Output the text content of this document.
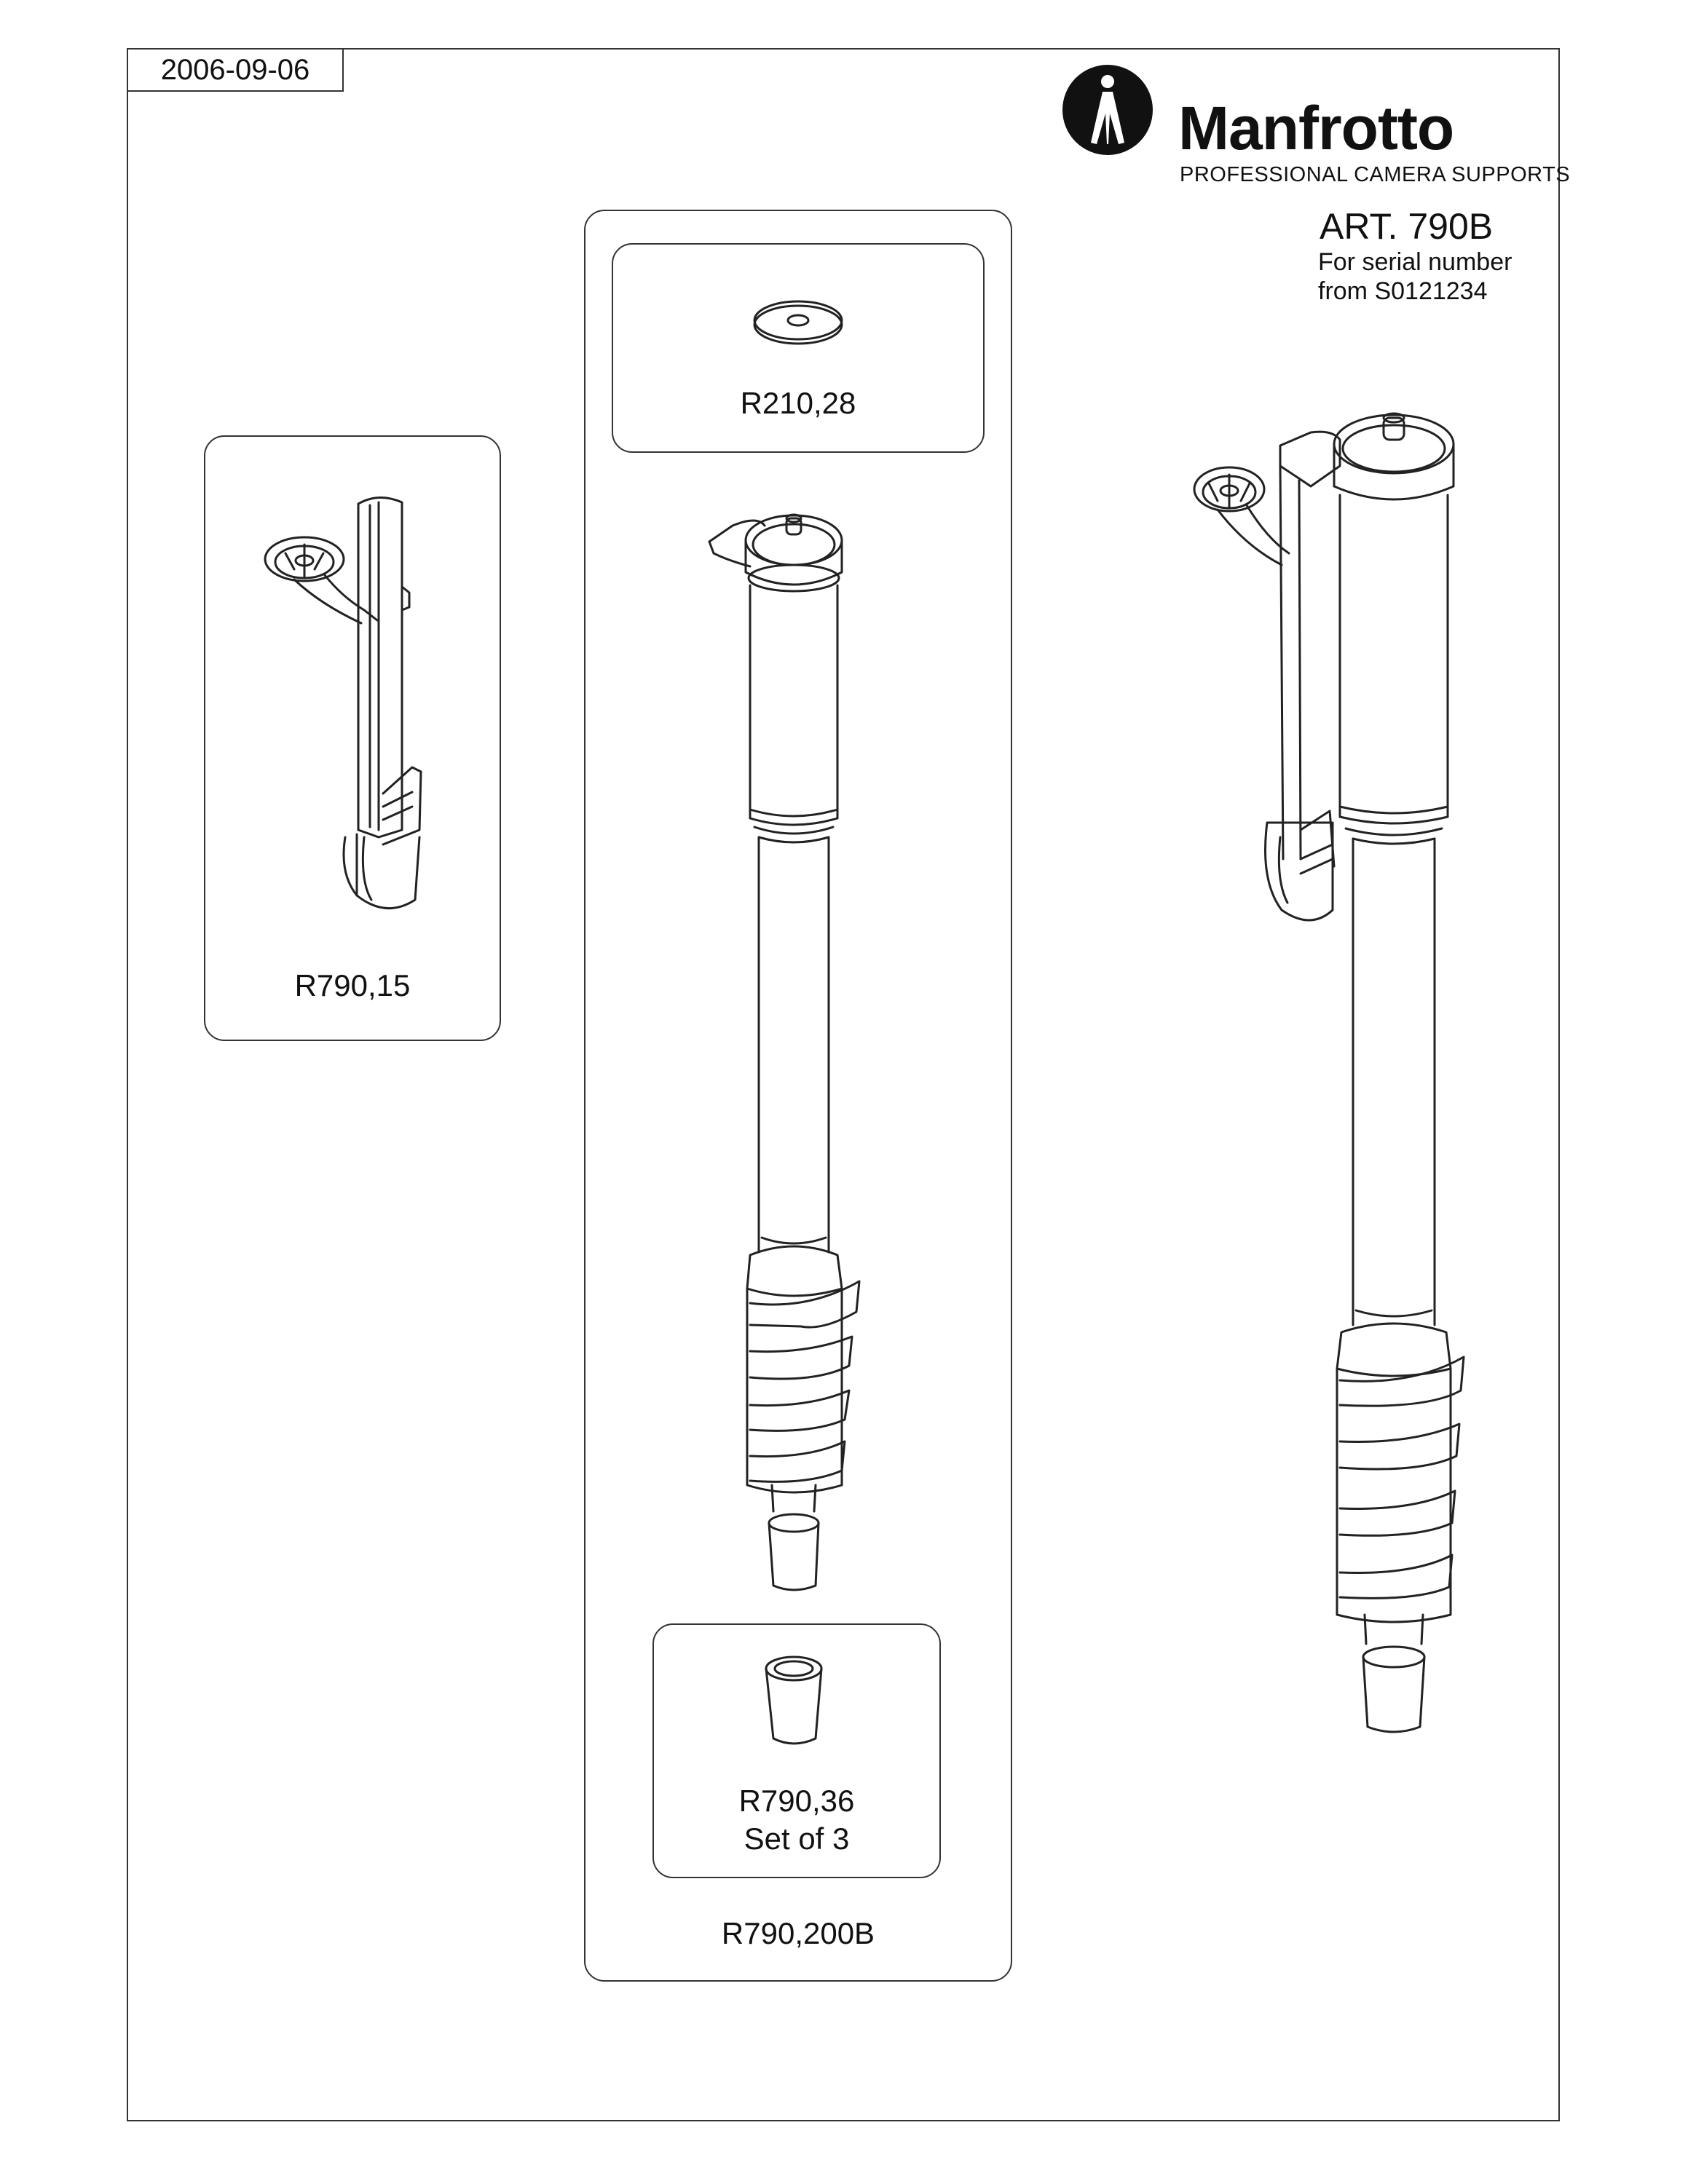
2006-09-06
Manfrotto
PROFESSIONAL CAMERA SUPPORTS
ART. 790B
For serial number
from S0121234
R790,15
R790,200B
R210,28
R790,36
Set of 3
